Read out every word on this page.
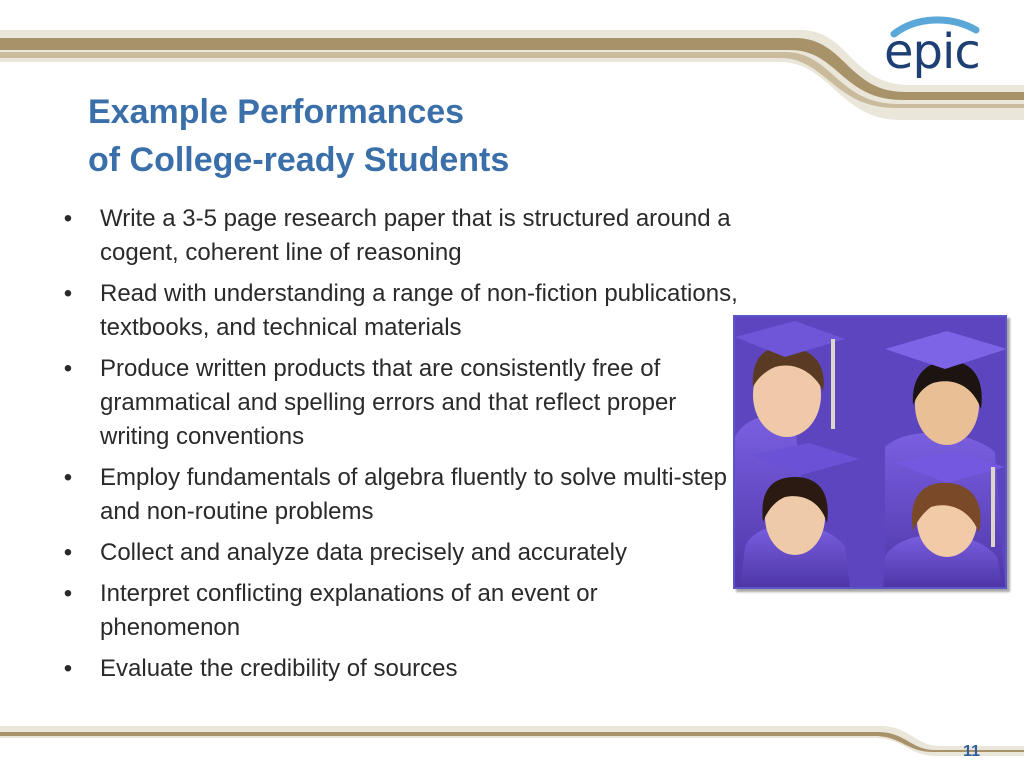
epic
Example Performances
of College-ready Students
• Write a 3-5 page research paper that is structured around a cogent, coherent line of reasoning
• Read with understanding a range of non-fiction publications, textbooks, and technical materials
• Produce written products that are consistently free of grammatical and spelling errors and that reflect proper writing conventions
• Employ fundamentals of algebra fluently to solve multi-step and non-routine problems
• Collect and analyze data precisely and accurately
• Interpret conflicting explanations of an event or phenomenon
• Evaluate the credibility of sources
11
